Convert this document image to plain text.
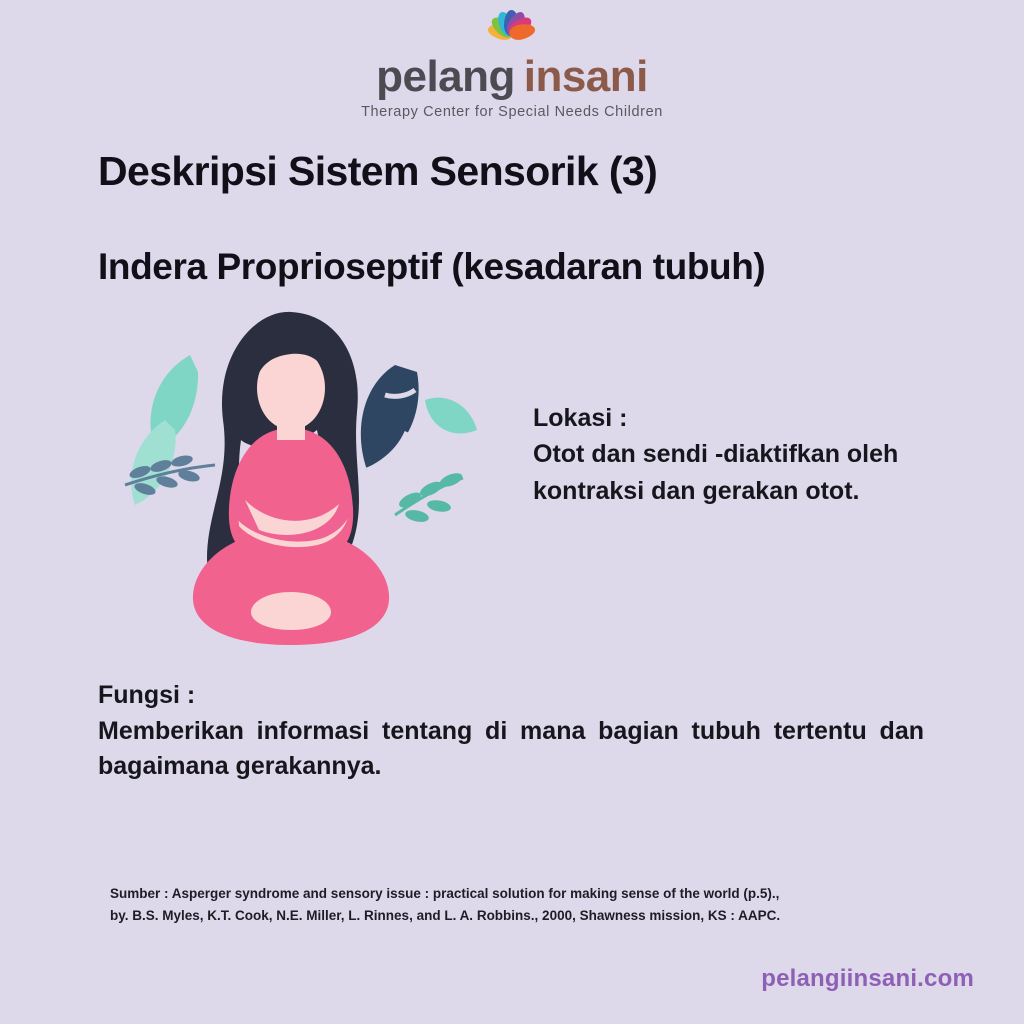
pelang  insani
Therapy Center for Special Needs Children
Deskripsi Sistem Sensorik (3)
Indera Proprioseptif (kesadaran tubuh)
Lokasi :
Otot dan sendi -diaktifkan oleh kontraksi dan gerakan otot.
Fungsi :
Memberikan informasi tentang di mana bagian tubuh tertentu dan bagaimana gerakannya.
Sumber : Asperger syndrome and sensory issue : practical solution for making sense of the world (p.5).,
by. B.S. Myles, K.T. Cook, N.E. Miller, L. Rinnes, and L. A. Robbins., 2000, Shawness mission, KS : AAPC.
pelangiinsani.com
